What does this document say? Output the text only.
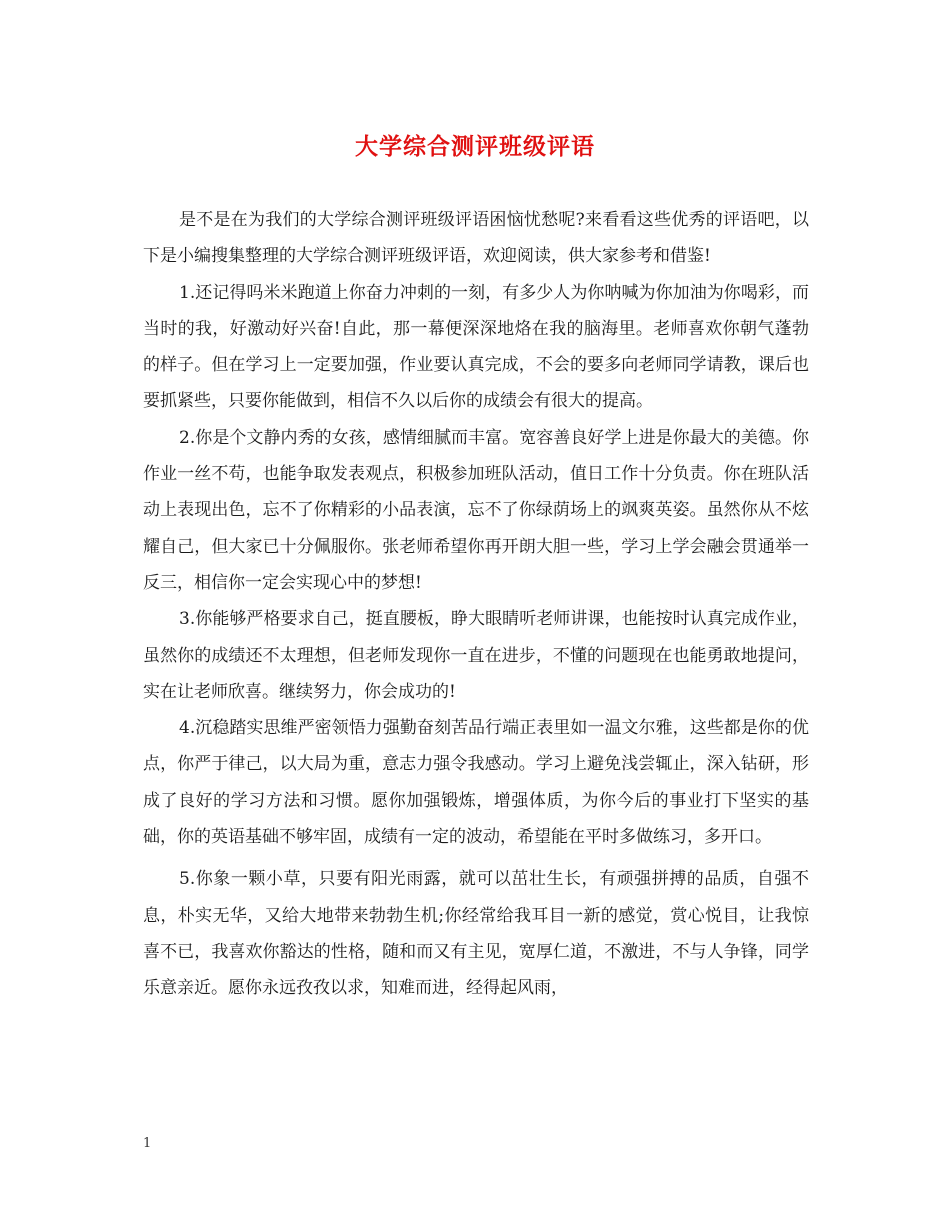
大学综合测评班级评语

是不是在为我们的大学综合测评班级评语困恼忧愁呢?来看看这些优秀的评语吧，以下是小编搜集整理的大学综合测评班级评语，欢迎阅读，供大家参考和借鉴!

1.还记得吗米米跑道上你奋力冲刺的一刻，有多少人为你呐喊为你加油为你喝彩，而当时的我，好激动好兴奋!自此，那一幕便深深地烙在我的脑海里。老师喜欢你朝气蓬勃的样子。但在学习上一定要加强，作业要认真完成，不会的要多向老师同学请教，课后也要抓紧些，只要你能做到，相信不久以后你的成绩会有很大的提高。

2.你是个文静内秀的女孩，感情细腻而丰富。宽容善良好学上进是你最大的美德。你作业一丝不苟，也能争取发表观点，积极参加班队活动，值日工作十分负责。你在班队活动上表现出色，忘不了你精彩的小品表演，忘不了你绿荫场上的飒爽英姿。虽然你从不炫耀自己，但大家已十分佩服你。张老师希望你再开朗大胆一些，学习上学会融会贯通举一反三，相信你一定会实现心中的梦想!

3.你能够严格要求自己，挺直腰板，睁大眼睛听老师讲课，也能按时认真完成作业，虽然你的成绩还不太理想，但老师发现你一直在进步，不懂的问题现在也能勇敢地提问，实在让老师欣喜。继续努力，你会成功的!

4.沉稳踏实思维严密领悟力强勤奋刻苦品行端正表里如一温文尔雅，这些都是你的优点，你严于律己，以大局为重，意志力强令我感动。学习上避免浅尝辄止，深入钻研，形成了良好的学习方法和习惯。愿你加强锻炼，增强体质，为你今后的事业打下坚实的基础，你的英语基础不够牢固，成绩有一定的波动，希望能在平时多做练习，多开口。

5.你象一颗小草，只要有阳光雨露，就可以茁壮生长，有顽强拼搏的品质，自强不息，朴实无华，又给大地带来勃勃生机;你经常给我耳目一新的感觉，赏心悦目，让我惊喜不已，我喜欢你豁达的性格，随和而又有主见，宽厚仁道，不激进，不与人争锋，同学乐意亲近。愿你永远孜孜以求，知难而进，经得起风雨，

1
